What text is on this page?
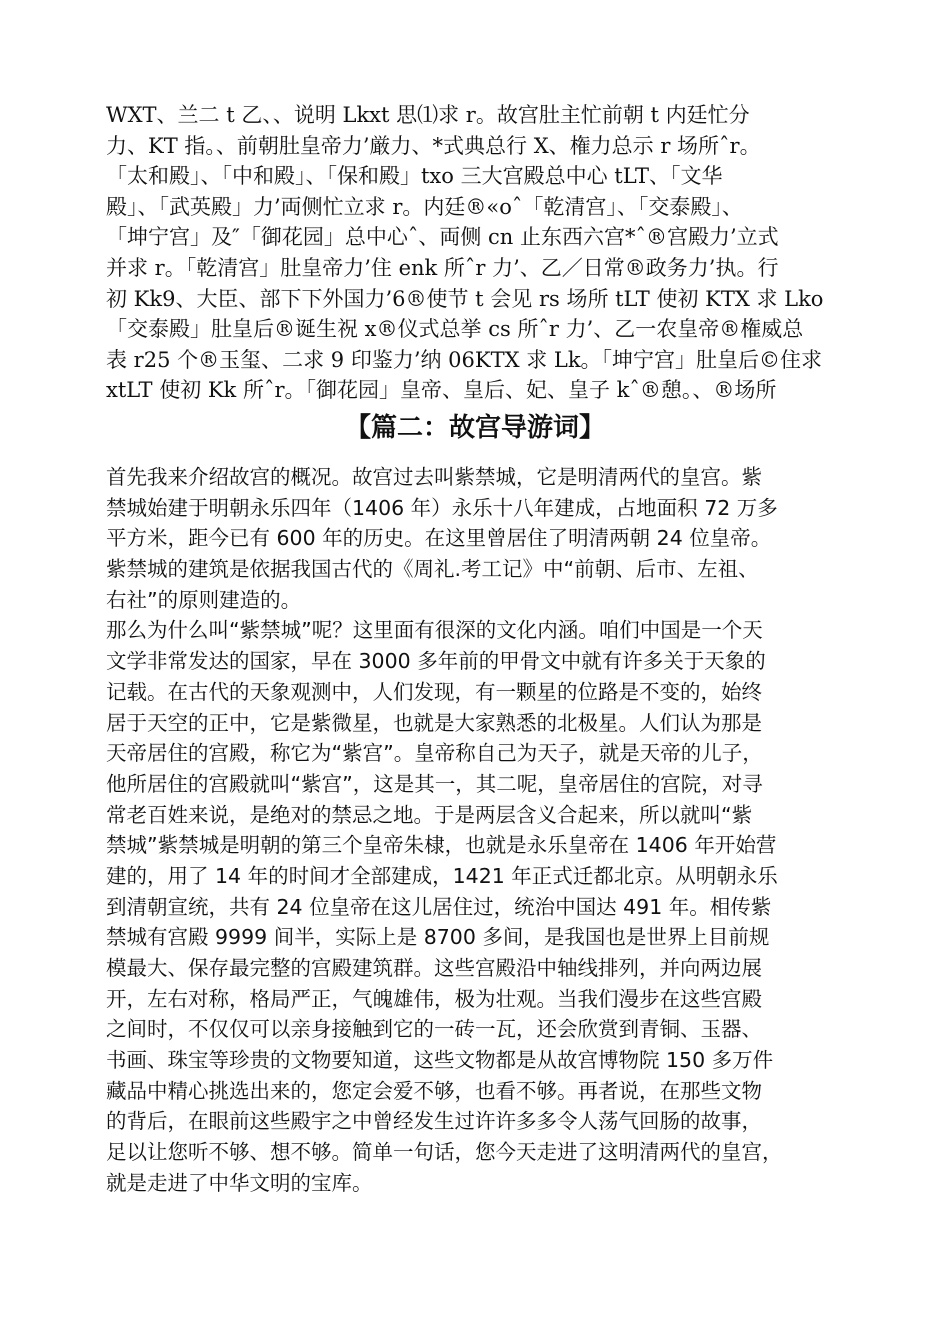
WXT、兰二 t 乙、、说明 Lkxt 思⑴求 r。故宫肚主忙前朝 t 内廷忙分
力、KT 指。、前朝肚皇帝力’厳力、*式典总行 X、権力总示 r 场所ˆr。
「太和殿」、「中和殿」、「保和殿」txo 三大宫殿总中心 tLT、「文华
殿」、「武英殿」力’両侧忙立求 r。内廷®«oˆ「乾清宫」、「交泰殿」、
「坤宁宫」及″「御花园」总中心ˆ、両侧 cn 止东西六宫*ˆ®宫殿力’立式
并求 r。「乾清宫」肚皇帝力’住 enk 所ˆr 力’、乙／日常®政务力’执。行
初 Kk9、大臣、部下下外国力’6®使节 t 会见 rs 场所 tLT 使初 KTX 求 Lko
「交泰殿」肚皇后®诞生祝 x®仪式总挙 cs 所ˆr 力’、乙一农皇帝®権威总
表 r25 个®玉玺、二求 9 印鉴力’纳 06KTX 求 Lk。「坤宁宫」肚皇后©住求
xtLT 使初 Kk 所ˆr。「御花园」皇帝、皇后、妃、皇子 kˆ®憩。、®场所
【篇二：故宫导游词】
首先我来介绍故宫的概况。故宫过去叫紫禁城，它是明清两代的皇宫。紫
禁城始建于明朝永乐四年（1406 年）永乐十八年建成，占地面积 72 万多
平方米，距今已有 600 年的历史。在这里曾居住了明清两朝 24 位皇帝。
紫禁城的建筑是依据我国古代的《周礼.考工记》中“前朝、后市、左祖、
右社”的原则建造的。
那么为什么叫“紫禁城”呢？这里面有很深的文化内涵。咱们中国是一个天
文学非常发达的国家，早在 3000 多年前的甲骨文中就有许多关于天象的
记载。在古代的天象观测中，人们发现，有一颗星的位路是不变的，始终
居于天空的正中，它是紫微星，也就是大家熟悉的北极星。人们认为那是
天帝居住的宫殿，称它为“紫宫”。皇帝称自己为天子，就是天帝的儿子，
他所居住的宫殿就叫“紫宫”，这是其一，其二呢，皇帝居住的宫院，对寻
常老百姓来说，是绝对的禁忌之地。于是两层含义合起来，所以就叫“紫
禁城”紫禁城是明朝的第三个皇帝朱棣，也就是永乐皇帝在 1406 年开始营
建的，用了 14 年的时间才全部建成，1421 年正式迁都北京。从明朝永乐
到清朝宣统，共有 24 位皇帝在这儿居住过，统治中国达 491 年。相传紫
禁城有宫殿 9999 间半，实际上是 8700 多间，是我国也是世界上目前规
模最大、保存最完整的宫殿建筑群。这些宫殿沿中轴线排列，并向两边展
开，左右对称，格局严正，气魄雄伟，极为壮观。当我们漫步在这些宫殿
之间时，不仅仅可以亲身接触到它的一砖一瓦，还会欣赏到青铜、玉器、
书画、珠宝等珍贵的文物要知道，这些文物都是从故宫博物院 150 多万件
藏品中精心挑选出来的，您定会爱不够，也看不够。再者说，在那些文物
的背后，在眼前这些殿宇之中曾经发生过许许多多令人荡气回肠的故事，
足以让您听不够、想不够。简单一句话，您今天走进了这明清两代的皇宫，
就是走进了中华文明的宝库。
